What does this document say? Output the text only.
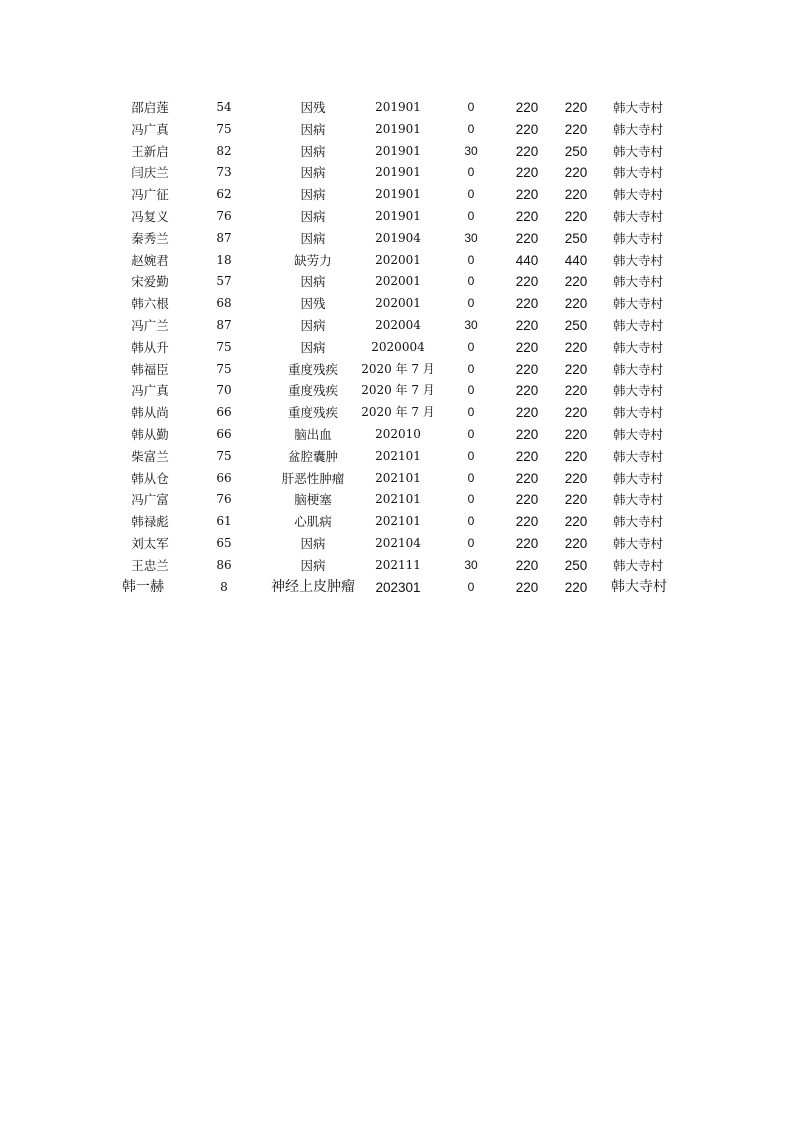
邵启莲	54	因残	201901	0	220 220 韩大寺村
冯广真	75	因病	201901	0	220 220 韩大寺村
王新启	82	因病	201901	30	220 250 韩大寺村
闫庆兰	73	因病	201901	0	220 220 韩大寺村
冯广征	62	因病	201901	0	220 220 韩大寺村
冯复义	76	因病	201901	0	220 220 韩大寺村
秦秀兰	87	因病	201904	30	220 250 韩大寺村
赵婉君	18	缺劳力	202001	0	440 440 韩大寺村
宋爱勤	57	因病	202001	0	220 220 韩大寺村
韩六根	68	因残	202001	0	220 220 韩大寺村
冯广兰	87	因病	202004	30	220 250 韩大寺村
韩从升	75	因病	2020004	0	220 220 韩大寺村
韩福臣	75	重度残疾 2020 年 7 月	0	220 220 韩大寺村
冯广真	70	重度残疾 2020 年 7 月	0	220 220 韩大寺村
韩从尚	66	重度残疾 2020 年 7 月	0	220 220 韩大寺村
韩从勤	66	脑出血	202010	0	220 220 韩大寺村
柴富兰	75	盆腔囊肿	202101	0	220 220 韩大寺村
韩从仓	66	肝恶性肿瘤	202101	0	220 220 韩大寺村
冯广富	76	脑梗塞	202101	0	220 220 韩大寺村
韩禄彪	61	心肌病	202101	0	220 220 韩大寺村
刘太军	65	因病	202104	0	220 220 韩大寺村
王忠兰	86	因病	202111	30	220 250 韩大寺村
韩一赫	8	神经上皮肿瘤 202301	0	220 220 韩大寺村
